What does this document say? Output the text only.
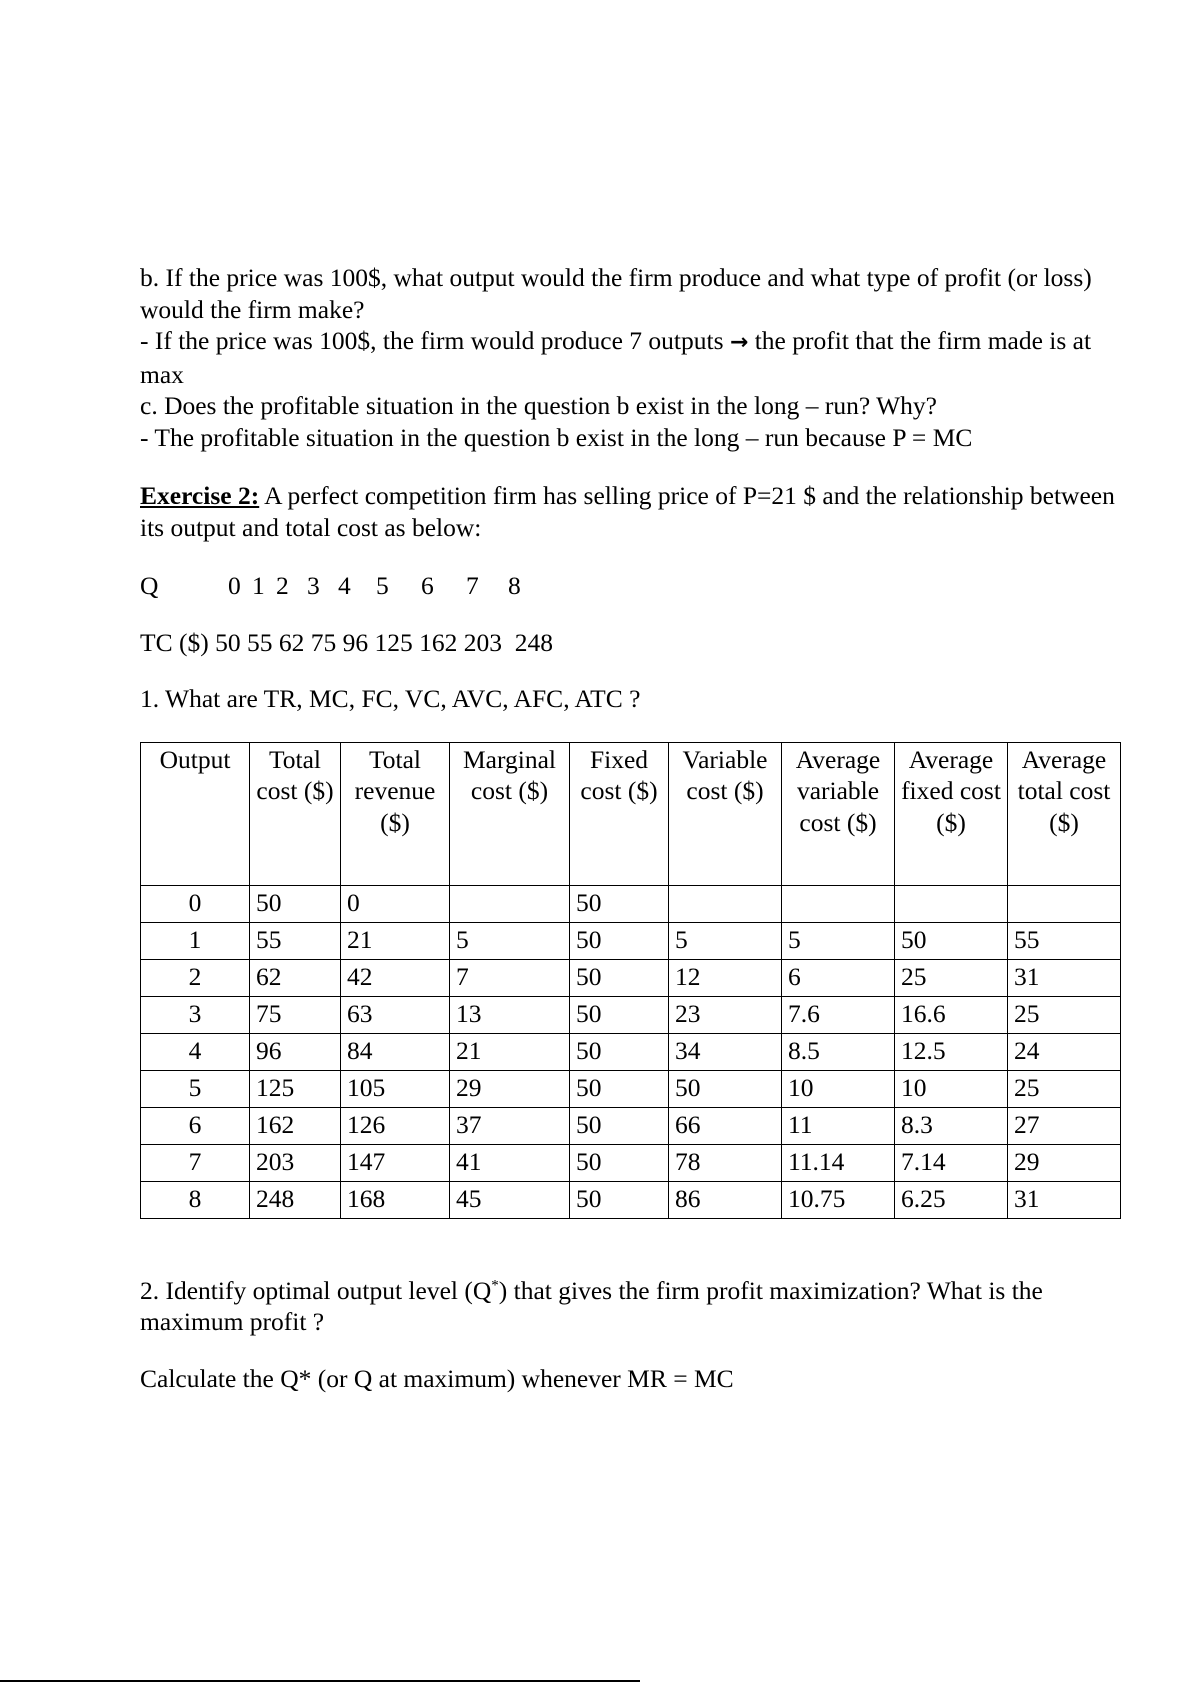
b. If the price was 100$, what output would the firm produce and what type of profit (or loss) would the firm make?

- If the price was 100$, the firm would produce 7 outputs → the profit that the firm made is at max

c. Does the profitable situation in the question b exist in the long – run? Why?

- The profitable situation in the question b exist in the long – run because P = MC

Exercise 2: A perfect competition firm has selling price of P=21 $ and the relationship between its output and total cost as below:

Q	0 1 2 3 4 5 6 7 8

TC ($) 50 55 62 75 96 125 162 203 248

1. What are TR, MC, FC, VC, AVC, AFC, ATC ?

Output	Total cost ($)	Total revenue ($)	Marginal cost ($)	Fixed cost ($)	Variable cost ($)	Average variable cost ($)	Average fixed cost ($)	Average total cost ($)
0	50	0		50				
1	55	21	5	50	5	5	50	55
2	62	42	7	50	12	6	25	31
3	75	63	13	50	23	7.6	16.6	25
4	96	84	21	50	34	8.5	12.5	24
5	125	105	29	50	50	10	10	25
6	162	126	37	50	66	11	8.3	27
7	203	147	41	50	78	11.14	7.14	29
8	248	168	45	50	86	10.75	6.25	31

2. Identify optimal output level (Q*) that gives the firm profit maximization? What is the maximum profit ?

Calculate the Q* (or Q at maximum) whenever MR = MC
